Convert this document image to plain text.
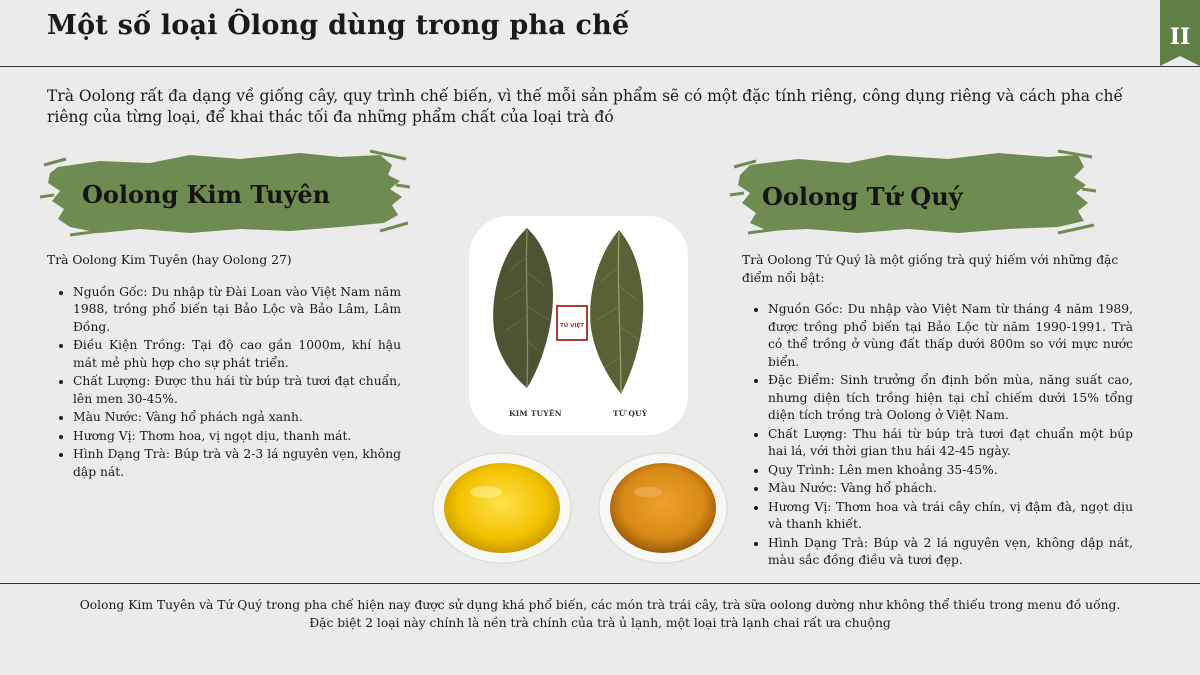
Một số loại Ôlong dùng trong pha chế	II
Trà Oolong rất đa dạng về giống cây, quy trình chế biến, vì thế mỗi sản phẩm sẽ có một đặc tính riêng, công dụng riêng và cách pha chế riêng của từng loại, để khai thác tối đa những phẩm chất của loại trà đó
Oolong Kim Tuyên	Oolong Tứ Quý

Trà Oolong Kim Tuyên (hay Oolong 27)

• Nguồn Gốc: Du nhập từ Đài Loan vào Việt Nam năm 1988, trồng phổ biến tại Bảo Lộc và Bảo Lâm, Lâm Đồng.
• Điều Kiện Trồng: Tại độ cao gần 1000m, khí hậu mát mẻ phù hợp cho sự phát triển.
• Chất Lượng: Được thu hái từ búp trà tươi đạt chuẩn, lên men 30-45%.
• Màu Nước: Vàng hổ phách ngả xanh.
• Hương Vị: Thơm hoa, vị ngọt dịu, thanh mát.
• Hình Dạng Trà: Búp trà và 2-3 lá nguyên vẹn, không dập nát.
TỨ VIỆT
KIM TUYÊN	TỨ QUÝ

Trà Oolong Tứ Quý là một giống trà quý hiếm với những đặc điểm nổi bật:

• Nguồn Gốc: Du nhập vào Việt Nam từ tháng 4 năm 1989, được trồng phổ biến tại Bảo Lộc từ năm 1990-1991. Trà có thể trồng ở vùng đất thấp dưới 800m so với mực nước biển.
• Đặc Điểm: Sinh trưởng ổn định bốn mùa, năng suất cao, nhưng diện tích trồng hiện tại chỉ chiếm dưới 15% tổng diện tích trồng trà Oolong ở Việt Nam.
• Chất Lượng: Thu hái từ búp trà tươi đạt chuẩn một búp hai lá, với thời gian thu hái 42-45 ngày.
• Quy Trình: Lên men khoảng 35-45%.
• Màu Nước: Vàng hổ phách.
• Hương Vị: Thơm hoa và trái cây chín, vị đậm đà, ngọt dịu và thanh khiết.
• Hình Dạng Trà: Búp và 2 lá nguyên vẹn, không dập nát, màu sắc đồng điều và tươi đẹp.
Oolong Kim Tuyên và Tứ Quý trong pha chế hiện nay được sử dụng khá phổ biến, các món trà trái cây, trà sữa oolong dường như không thể thiếu trong menu đồ uống.
Đặc biệt 2 loại này chính là nền trà chính của trà ủ lạnh, một loại trà lạnh chai rất ưa chuộng
